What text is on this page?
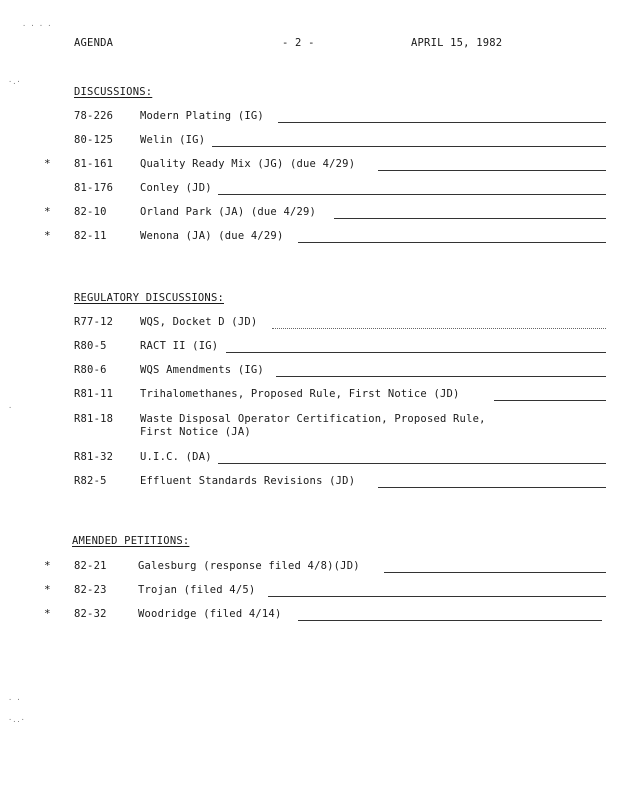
AGENDA	- 2 -	APRIL 15, 1982
DISCUSSIONS:
78-226	Modern Plating (IG)
80-125	Welin (IG)
* 81-161	Quality Ready Mix (JG) (due 4/29)
81-176	Conley (JD)
* 82-10	Orland Park (JA) (due 4/29)
* 82-11	Wenona (JA) (due 4/29)
REGULATORY DISCUSSIONS:
R77-12	WQS, Docket D (JD)
R80-5	RACT II (IG)
R80-6	WQS Amendments (IG)
R81-11	Trihalomethanes, Proposed Rule, First Notice (JD)
R81-18	Waste Disposal Operator Certification, Proposed Rule,
First Notice (JA)
R81-32	U.I.C. (DA)
R82-5	Effluent Standards Revisions (JD)
AMENDED PETITIONS:
* 82-21	Galesburg (response filed 4/8)(JD)
* 82-23	Trojan (filed 4/5)
* 82-32	Woodridge (filed 4/14)
· · · ·
·.·
·
· ·
·..·
